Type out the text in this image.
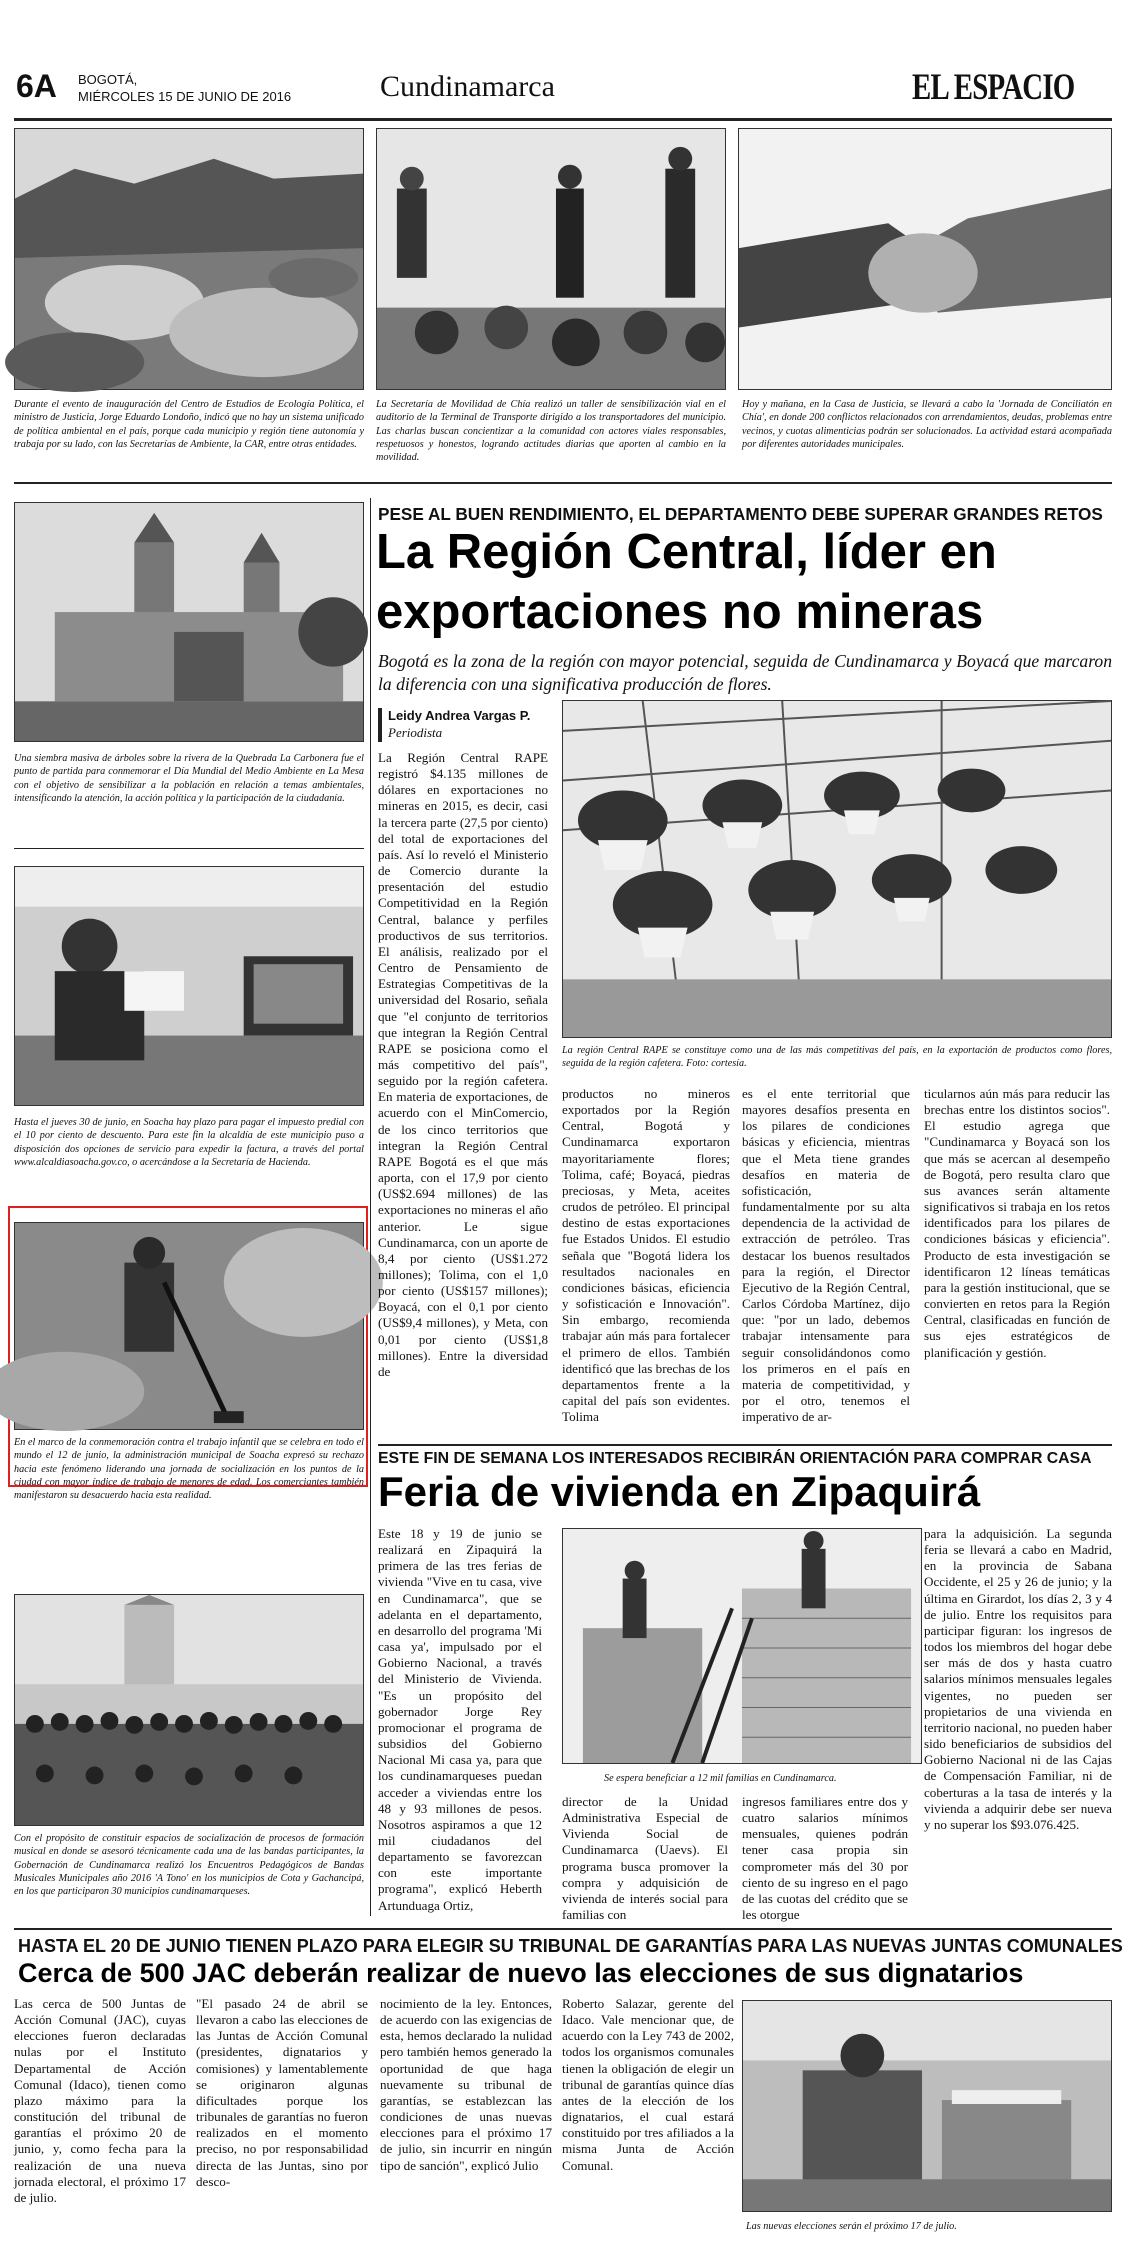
6A BOGOTÁ,
MIÉRCOLES 15 DE JUNIO DE 2016	Cundinamarca	EL ESPACIO
Durante el evento de inauguración del Centro de Estudios de Ecología Política, el ministro de Justicia, Jorge Eduardo Londoño, indicó que no hay un sistema unificado de política ambiental en el país, porque cada municipio y región tiene autonomía y trabaja por su lado, con las Secretarías de Ambiente, la CAR, entre otras entidades.
La Secretaría de Movilidad de Chía realizó un taller de sensibilización vial en el auditorio de la Terminal de Transporte dirigido a los transportadores del municipio. Las charlas buscan concientizar a la comunidad con actores viales responsables, respetuosos y honestos, logrando actitudes diarias que aporten al cambio en la movilidad.
Hoy y mañana, en la Casa de Justicia, se llevará a cabo la 'Jornada de Conciliatón en Chía', en donde 200 conflictos relacionados con arrendamientos, deudas, problemas entre vecinos, y cuotas alimenticias podrán ser solucionados. La actividad estará acompañada por diferentes autoridades municipales.
Una siembra masiva de árboles sobre la rivera de la Quebrada La Carbonera fue el punto de partida para conmemorar el Día Mundial del Medio Ambiente en La Mesa con el objetivo de sensibilizar a la población en relación a temas ambientales, intensificando la atención, la acción política y la participación de la ciudadanía.
Hasta el jueves 30 de junio, en Soacha hay plazo para pagar el impuesto predial con el 10 por ciento de descuento. Para este fin la alcaldía de este municipio puso a disposición dos opciones de servicio para expedir la factura, a través del portal www.alcaldiasoacha.gov.co, o acercándose a la Secretaría de Hacienda.
En el marco de la conmemoración contra el trabajo infantil que se celebra en todo el mundo el 12 de junio, la administración municipal de Soacha expresó su rechazo hacia este fenómeno liderando una jornada de socialización en los puntos de la ciudad con mayor índice de trabajo de menores de edad. Los comerciantes también manifestaron su desacuerdo hacia esta realidad.
Con el propósito de constituir espacios de socialización de procesos de formación musical en donde se asesoró técnicamente cada una de las bandas participantes, la Gobernación de Cundinamarca realizó los Encuentros Pedagógicos de Bandas Musicales Municipales año 2016 'A Tono' en los municipios de Cota y Gachancipá, en los que participaron 30 municipios cundinamarqueses.
PESE AL BUEN RENDIMIENTO, EL DEPARTAMENTO DEBE SUPERAR GRANDES RETOS
La Región Central, líder en
exportaciones no mineras
Bogotá es la zona de la región con mayor potencial, seguida de Cundinamarca y Boyacá que marcaron la diferencia con una significativa producción de flores.
Leidy Andrea Vargas P.
Periodista
La Región Central RAPE registró $4.135 millones de dólares en exportaciones no mineras en 2015, es decir, casi la tercera parte (27,5 por ciento) del total de exportaciones del país. Así lo reveló el Ministerio de Comercio durante la presentación del estudio Competitividad en la Región Central, balance y perfiles productivos de sus territorios. El análisis, realizado por el Centro de Pensamiento de Estrategias Competitivas de la universidad del Rosario, señala que "el conjunto de territorios que integran la Región Central RAPE se posiciona como el más competitivo del país", seguido por la región cafetera. En materia de exportaciones, de acuerdo con el MinComercio, de los cinco territorios que integran la Región Central RAPE Bogotá es el que más aporta, con el 17,9 por ciento (US$2.694 millones) de las exportaciones no mineras el año anterior. Le sigue Cundinamarca, con un aporte de 8,4 por ciento (US$1.272 millones); Tolima, con el 1,0 por ciento (US$157 millones); Boyacá, con el 0,1 por ciento (US$9,4 millones), y Meta, con 0,01 por ciento (US$1,8 millones). Entre la diversidad de
La región Central RAPE se constituye como una de las más competitivas del país, en la exportación de productos como flores, seguida de la región cafetera. Foto: cortesía.
productos no mineros exportados por la Región Central, Bogotá y Cundinamarca exportaron mayoritariamente flores; Tolima, café; Boyacá, piedras preciosas, y Meta, aceites crudos de petróleo. El principal destino de estas exportaciones fue Estados Unidos. El estudio señala que "Bogotá lidera los resultados nacionales en condiciones básicas, eficiencia y sofisticación e Innovación". Sin embargo, recomienda trabajar aún más para fortalecer el primero de ellos. También identificó que las brechas de los departamentos frente a la capital del país son evidentes. Tolima
es el ente territorial que mayores desafíos presenta en los pilares de condiciones básicas y eficiencia, mientras que el Meta tiene grandes desafíos en materia de sofisticación, fundamentalmente por su alta dependencia de la actividad de extracción de petróleo. Tras destacar los buenos resultados para la región, el Director Ejecutivo de la Región Central, Carlos Córdoba Martínez, dijo que: "por un lado, debemos trabajar intensamente para seguir consolidándonos como los primeros en el país en materia de competitividad, y por el otro, tenemos el imperativo de ar-
ticularnos aún más para reducir las brechas entre los distintos socios". El estudio agrega que "Cundinamarca y Boyacá son los que más se acercan al desempeño de Bogotá, pero resulta claro que sus avances serán altamente significativos si trabaja en los retos identificados para los pilares de condiciones básicas y eficiencia". Producto de esta investigación se identificaron 12 líneas temáticas para la gestión institucional, que se convierten en retos para la Región Central, clasificadas en función de sus ejes estratégicos de planificación y gestión.
ESTE FIN DE SEMANA LOS INTERESADOS RECIBIRÁN ORIENTACIÓN PARA COMPRAR CASA
Feria de vivienda en Zipaquirá
Este 18 y 19 de junio se realizará en Zipaquirá la primera de las tres ferias de vivienda "Vive en tu casa, vive en Cundinamarca", que se adelanta en el departamento, en desarrollo del programa 'Mi casa ya', impulsado por el Gobierno Nacional, a través del Ministerio de Vivienda. "Es un propósito del gobernador Jorge Rey promocionar el programa de subsidios del Gobierno Nacional Mi casa ya, para que los cundinamarqueses puedan acceder a viviendas entre los 48 y 93 millones de pesos. Nosotros aspiramos a que 12 mil ciudadanos del departamento se favorezcan con este importante programa", explicó Heberth Artunduaga Ortiz,
Se espera beneficiar a 12 mil familias en Cundinamarca.
director de la Unidad Administrativa Especial de Vivienda Social de Cundinamarca (Uaevs). El programa busca promover la compra y adquisición de vivienda de interés social para familias con
ingresos familiares entre dos y cuatro salarios mínimos mensuales, quienes podrán tener casa propia sin comprometer más del 30 por ciento de su ingreso en el pago de las cuotas del crédito que se les otorgue
para la adquisición. La segunda feria se llevará a cabo en Madrid, en la provincia de Sabana Occidente, el 25 y 26 de junio; y la última en Girardot, los días 2, 3 y 4 de julio. Entre los requisitos para participar figuran: los ingresos de todos los miembros del hogar debe ser más de dos y hasta cuatro salarios mínimos mensuales legales vigentes, no pueden ser propietarios de una vivienda en territorio nacional, no pueden haber sido beneficiarios de subsidios del Gobierno Nacional ni de las Cajas de Compensación Familiar, ni de coberturas a la tasa de interés y la vivienda a adquirir debe ser nueva y no superar los $93.076.425.
HASTA EL 20 DE JUNIO TIENEN PLAZO PARA ELEGIR SU TRIBUNAL DE GARANTÍAS PARA LAS NUEVAS JUNTAS COMUNALES
Cerca de 500 JAC deberán realizar de nuevo las elecciones de sus dignatarios
Las cerca de 500 Juntas de Acción Comunal (JAC), cuyas elecciones fueron declaradas nulas por el Instituto Departamental de Acción Comunal (Idaco), tienen como plazo máximo para la constitución del tribunal de garantías el próximo 20 de junio, y, como fecha para la realización de una nueva jornada electoral, el próximo 17 de julio.
"El pasado 24 de abril se llevaron a cabo las elecciones de las Juntas de Acción Comunal (presidentes, dignatarios y comisiones) y lamentablemente se originaron algunas dificultades porque los tribunales de garantías no fueron realizados en el momento preciso, no por responsabilidad directa de las Juntas, sino por desco-
nocimiento de la ley. Entonces, de acuerdo con las exigencias de esta, hemos declarado la nulidad pero también hemos generado la oportunidad de que haga nuevamente su tribunal de garantías, se establezcan las condiciones de unas nuevas elecciones para el próximo 17 de julio, sin incurrir en ningún tipo de sanción", explicó Julio
Roberto Salazar, gerente del Idaco. Vale mencionar que, de acuerdo con la Ley 743 de 2002, todos los organismos comunales tienen la obligación de elegir un tribunal de garantías quince días antes de la elección de los dignatarios, el cual estará constituido por tres afiliados a la misma Junta de Acción Comunal.
Las nuevas elecciones serán el próximo 17 de julio.
